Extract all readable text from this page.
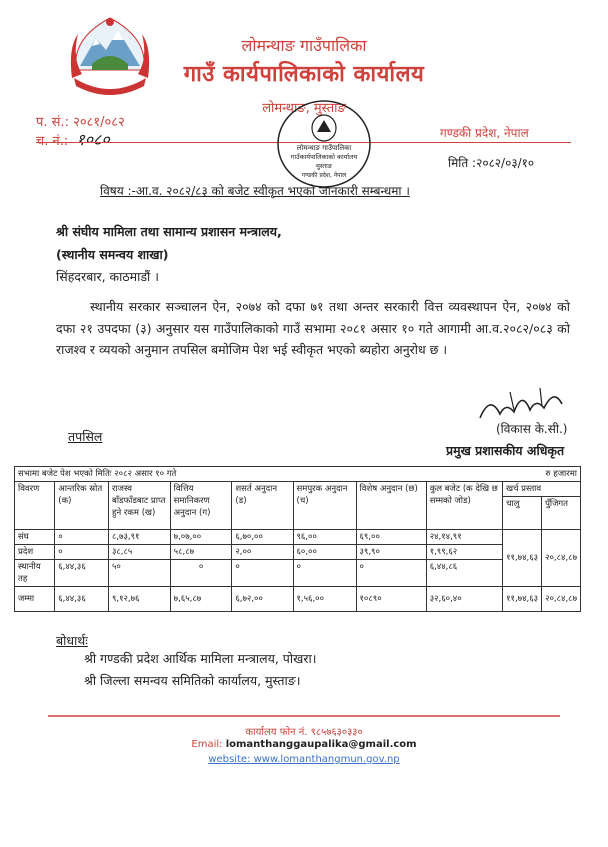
लोमन्थाङ गाउँपालिका
गाउँ कार्यपालिकाको कार्यालय
लोमन्थाङ, मुस्ताङ
प. सं.: २०८१/०८२
च. नं.: १०८०	गण्डकी प्रदेश, नेपाल
लोमन्थाङ गाउँपालिका
गाउँकार्यपालिकाको कार्यालय
मुस्ताङ
गण्डकी प्रदेश, नेपाल
मिति :२०८२/०३/१०
विषय :-आ.व. २०८२/८३ को बजेट स्वीकृत भएको जानकारी सम्बन्धमा ।
श्री संघीय मामिला तथा सामान्य प्रशासन मन्त्रालय,
(स्थानीय समन्वय शाखा)
सिंहदरबार, काठमाडौं ।
स्थानीय सरकार सञ्चालन ऐन, २०७४ को दफा ७१ तथा अन्तर सरकारी वित्त व्यवस्थापन ऐन, २०७४ को दफा २१ उपदफा (३) अनुसार यस गाउँपालिकाको गाउँ सभामा २०८१ असार १० गते आगामी आ.व.२०८२/०८३ को राजश्व र व्ययको अनुमान तपसिल बमोजिम पेश भई स्वीकृत भएको ब्यहोरा अनुरोध छ ।
(विकास के.सी.)
प्रमुख प्रशासकीय अधिकृत
तपसिल
सभामा बजेट पेश भएको मितिः २०८२ असार १० गते								रु हजारमा	
विवरण	आन्तरिक स्रोत (क)	राजस्व बाँडफाँडबाट प्राप्त हुने रकम (ख)	वित्तिय समानिकरण अनुदान (ग)	शसर्त अनुदान (ड)	समपुरक अनुदान (च)	विशेष अनुदान (छ)	कुल बजेट (क देखि छ सम्मको जोड)	खर्च प्रस्ताव	
								चालु	पुँजिगत
संघ	०	८,७३,९१	७,०७,००	६,७०,००	९६,००	६९,००	२४,१४,९१	११,७४,६३	२०,८४,८७
प्रदेश	०	३८,८५	५८,८७	२,००	६०,००	३९,९०	१,९९,६२		
स्थानीय तह	६,४४,३६	५०	०	०	०	०	६,४४,८६		
जम्मा	६,४४,३६	९,१२,७६	७,६५,८७	६,७२,००	१,५६,००	१०८९०	३२,६०,४०	११,७४,६३	२०,८४,८७
बोधार्थः
श्री गण्डकी प्रदेश आर्थिक मामिला मन्त्रालय, पोखरा।
श्री जिल्ला समन्वय समितिको कार्यालय, मुस्ताङ।
कार्यालय फोन नं. ९८५७६३०३३०
Email: lomanthanggaupalika@gmail.com
website: www.lomanthangmun.gov.np
